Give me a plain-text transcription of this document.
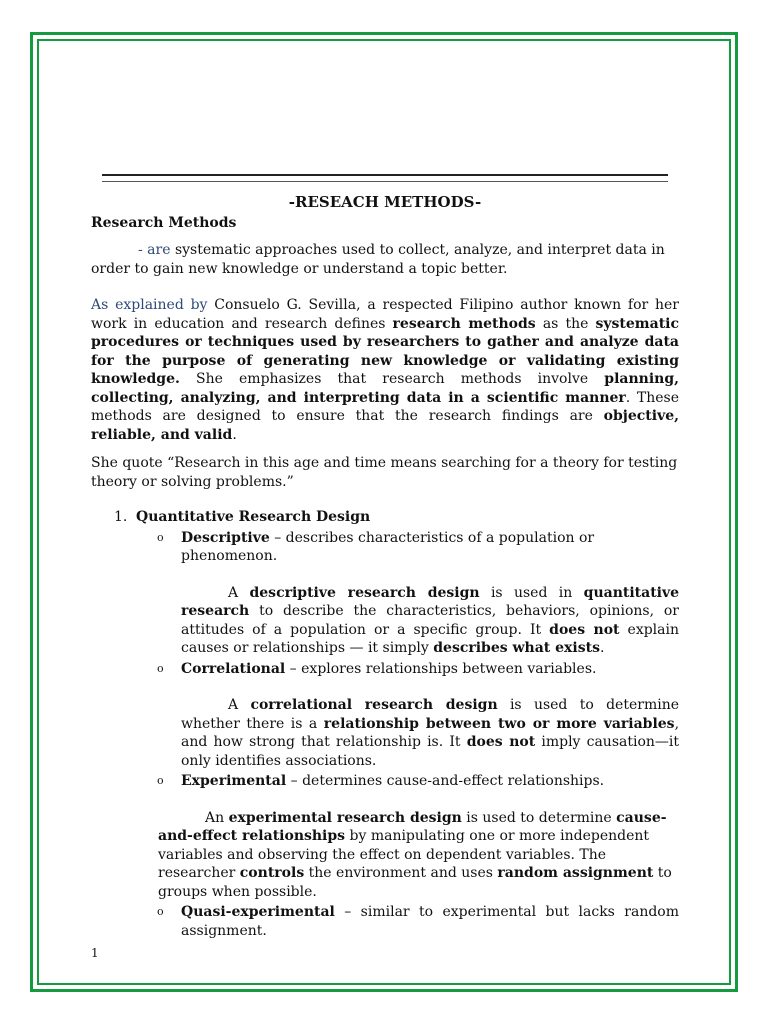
-RESEACH METHODS-
Research Methods

- are systematic approaches used to collect, analyze, and interpret data in order to gain new knowledge or understand a topic better.

As explained by Consuelo G. Sevilla, a respected Filipino author known for her work in education and research defines research methods as the systematic procedures or techniques used by researchers to gather and analyze data for the purpose of generating new knowledge or validating existing knowledge. She emphasizes that research methods involve planning, collecting, analyzing, and interpreting data in a scientific manner. These methods are designed to ensure that the research findings are objective, reliable, and valid.

She quote “Research in this age and time means searching for a theory for testing theory or solving problems.”

1. Quantitative Research Design
o Descriptive – describes characteristics of a population or phenomenon.

A descriptive research design is used in quantitative research to describe the characteristics, behaviors, opinions, or attitudes of a population or a specific group. It does not explain causes or relationships — it simply describes what exists.

o Correlational – explores relationships between variables.

A correlational research design is used to determine whether there is a relationship between two or more variables, and how strong that relationship is. It does not imply causation—it only identifies associations.

o Experimental – determines cause-and-effect relationships.

An experimental research design is used to determine cause-and-effect relationships by manipulating one or more independent variables and observing the effect on dependent variables. The researcher controls the environment and uses random assignment to groups when possible.

o Quasi-experimental – similar to experimental but lacks random assignment.
1
